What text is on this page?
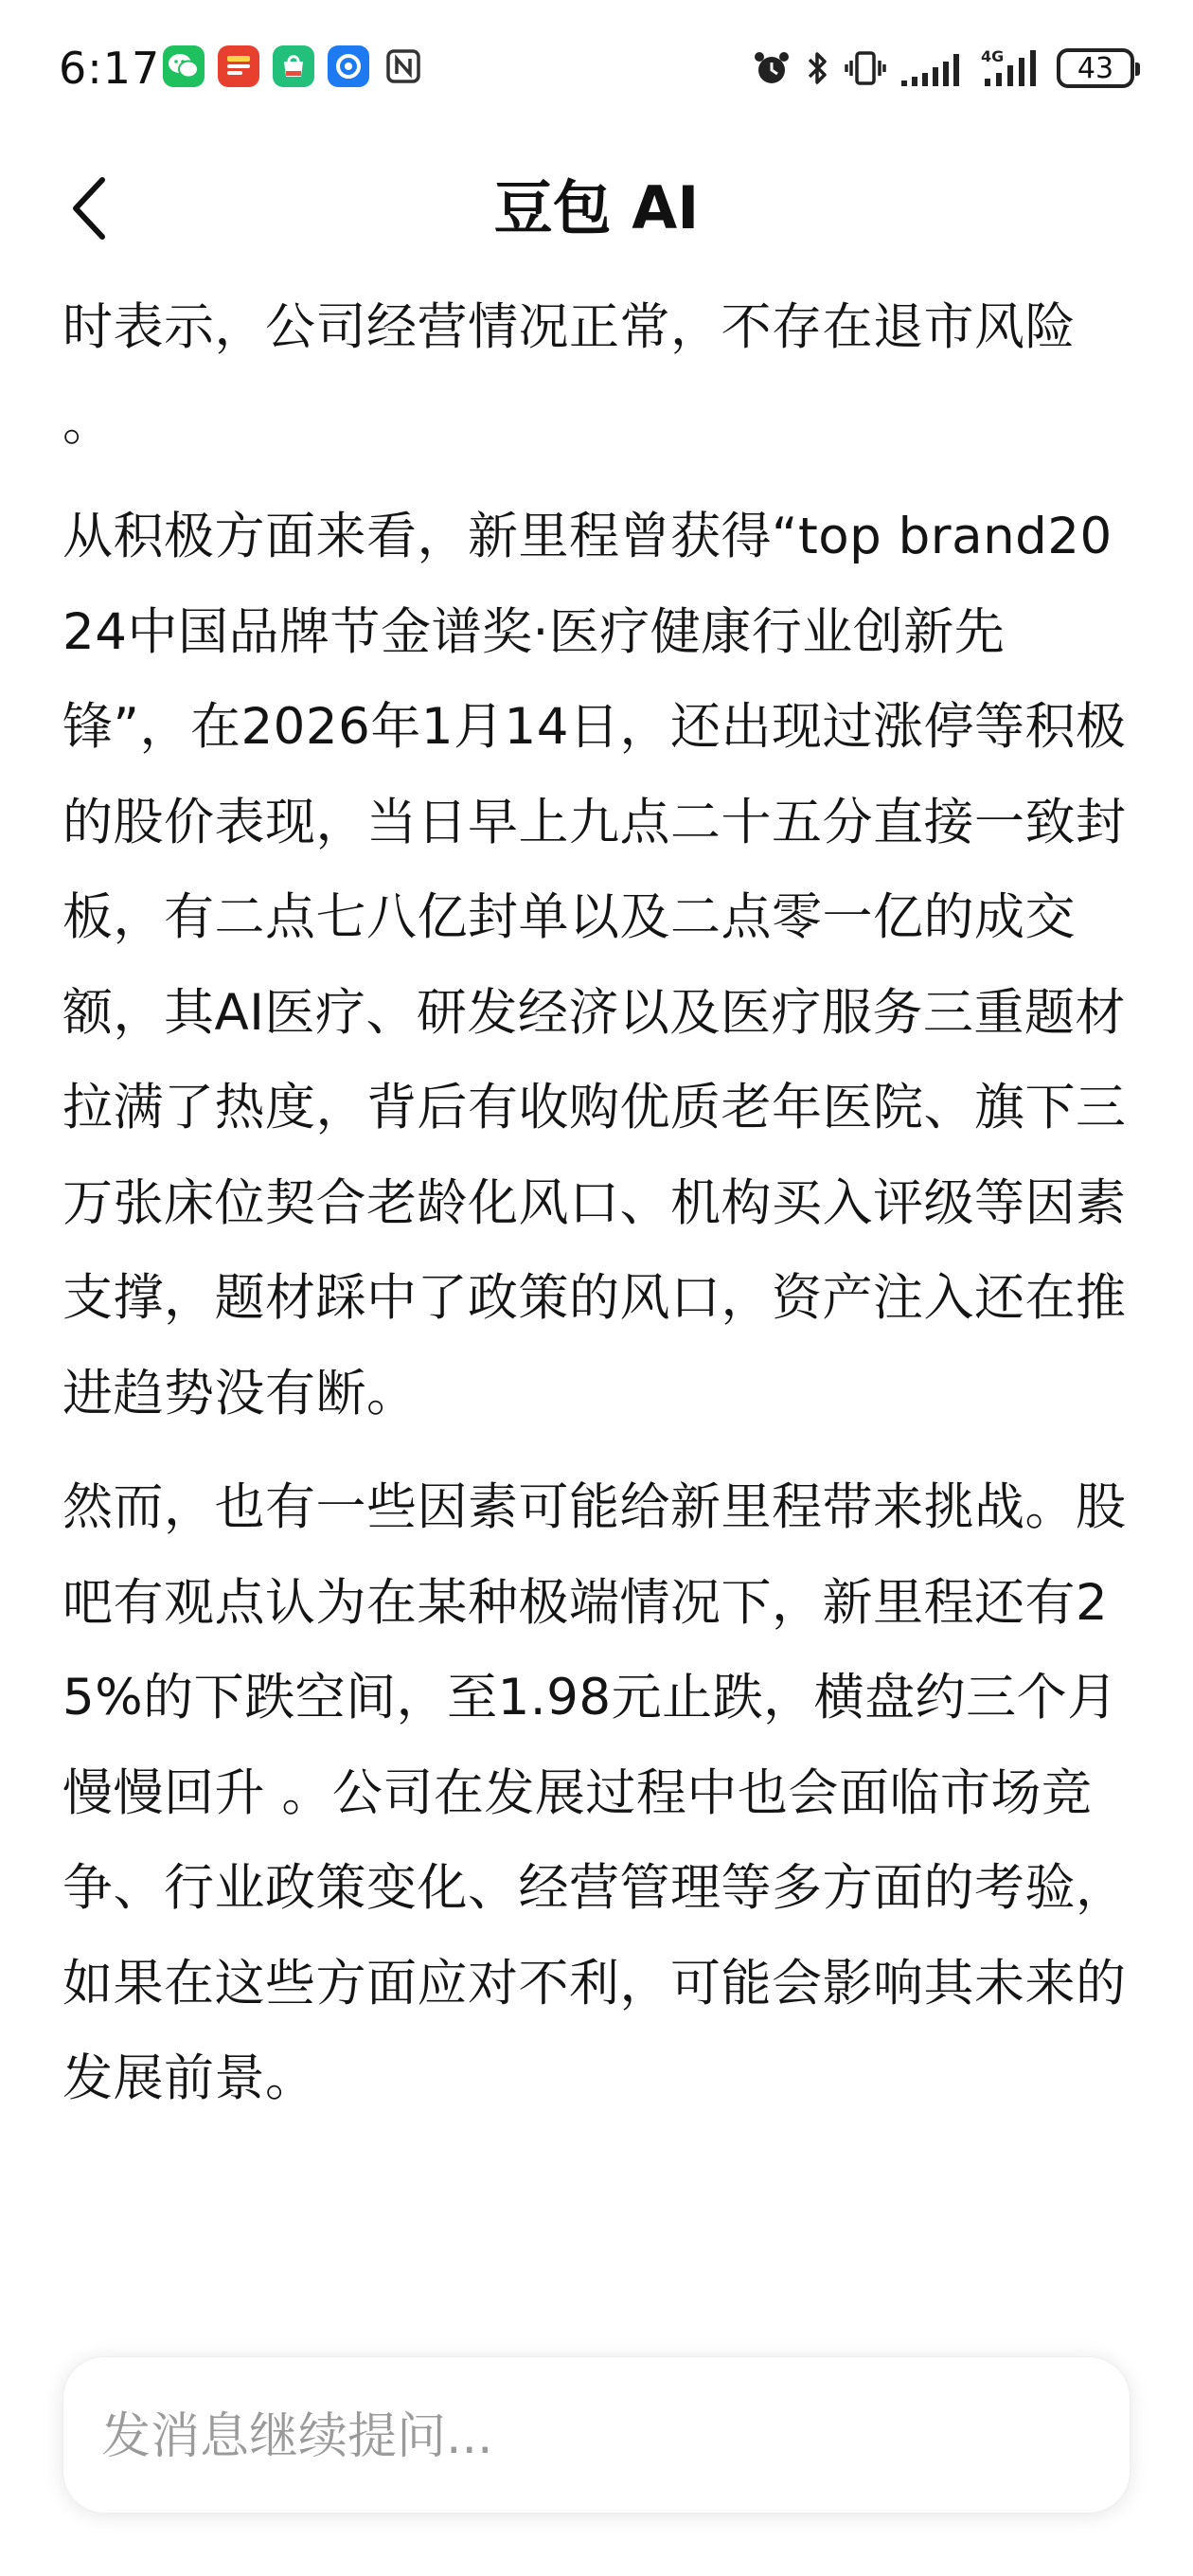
6:17	4G	43
豆包 AI

时表示，公司经营情况正常，不存在退市风险 。

从积极方面来看，新里程曾获得“top brand2024中国品牌节金谱奖·医疗健康行业创新先锋”，在2026年1月14日，还出现过涨停等积极的股价表现，当日早上九点二十五分直接一致封板，有二点七八亿封单以及二点零一亿的成交额，其AI医疗、研发经济以及医疗服务三重题材拉满了热度，背后有收购优质老年医院、旗下三万张床位契合老龄化风口、机构买入评级等因素支撑，题材踩中了政策的风口，资产注入还在推进趋势没有断。

然而，也有一些因素可能给新里程带来挑战。股吧有观点认为在某种极端情况下，新里程还有25%的下跌空间，至1.98元止跌，横盘约三个月慢慢回升 。公司在发展过程中也会面临市场竞争、行业政策变化、经营管理等多方面的考验，如果在这些方面应对不利，可能会影响其未来的发展前景。

发消息继续提问...
